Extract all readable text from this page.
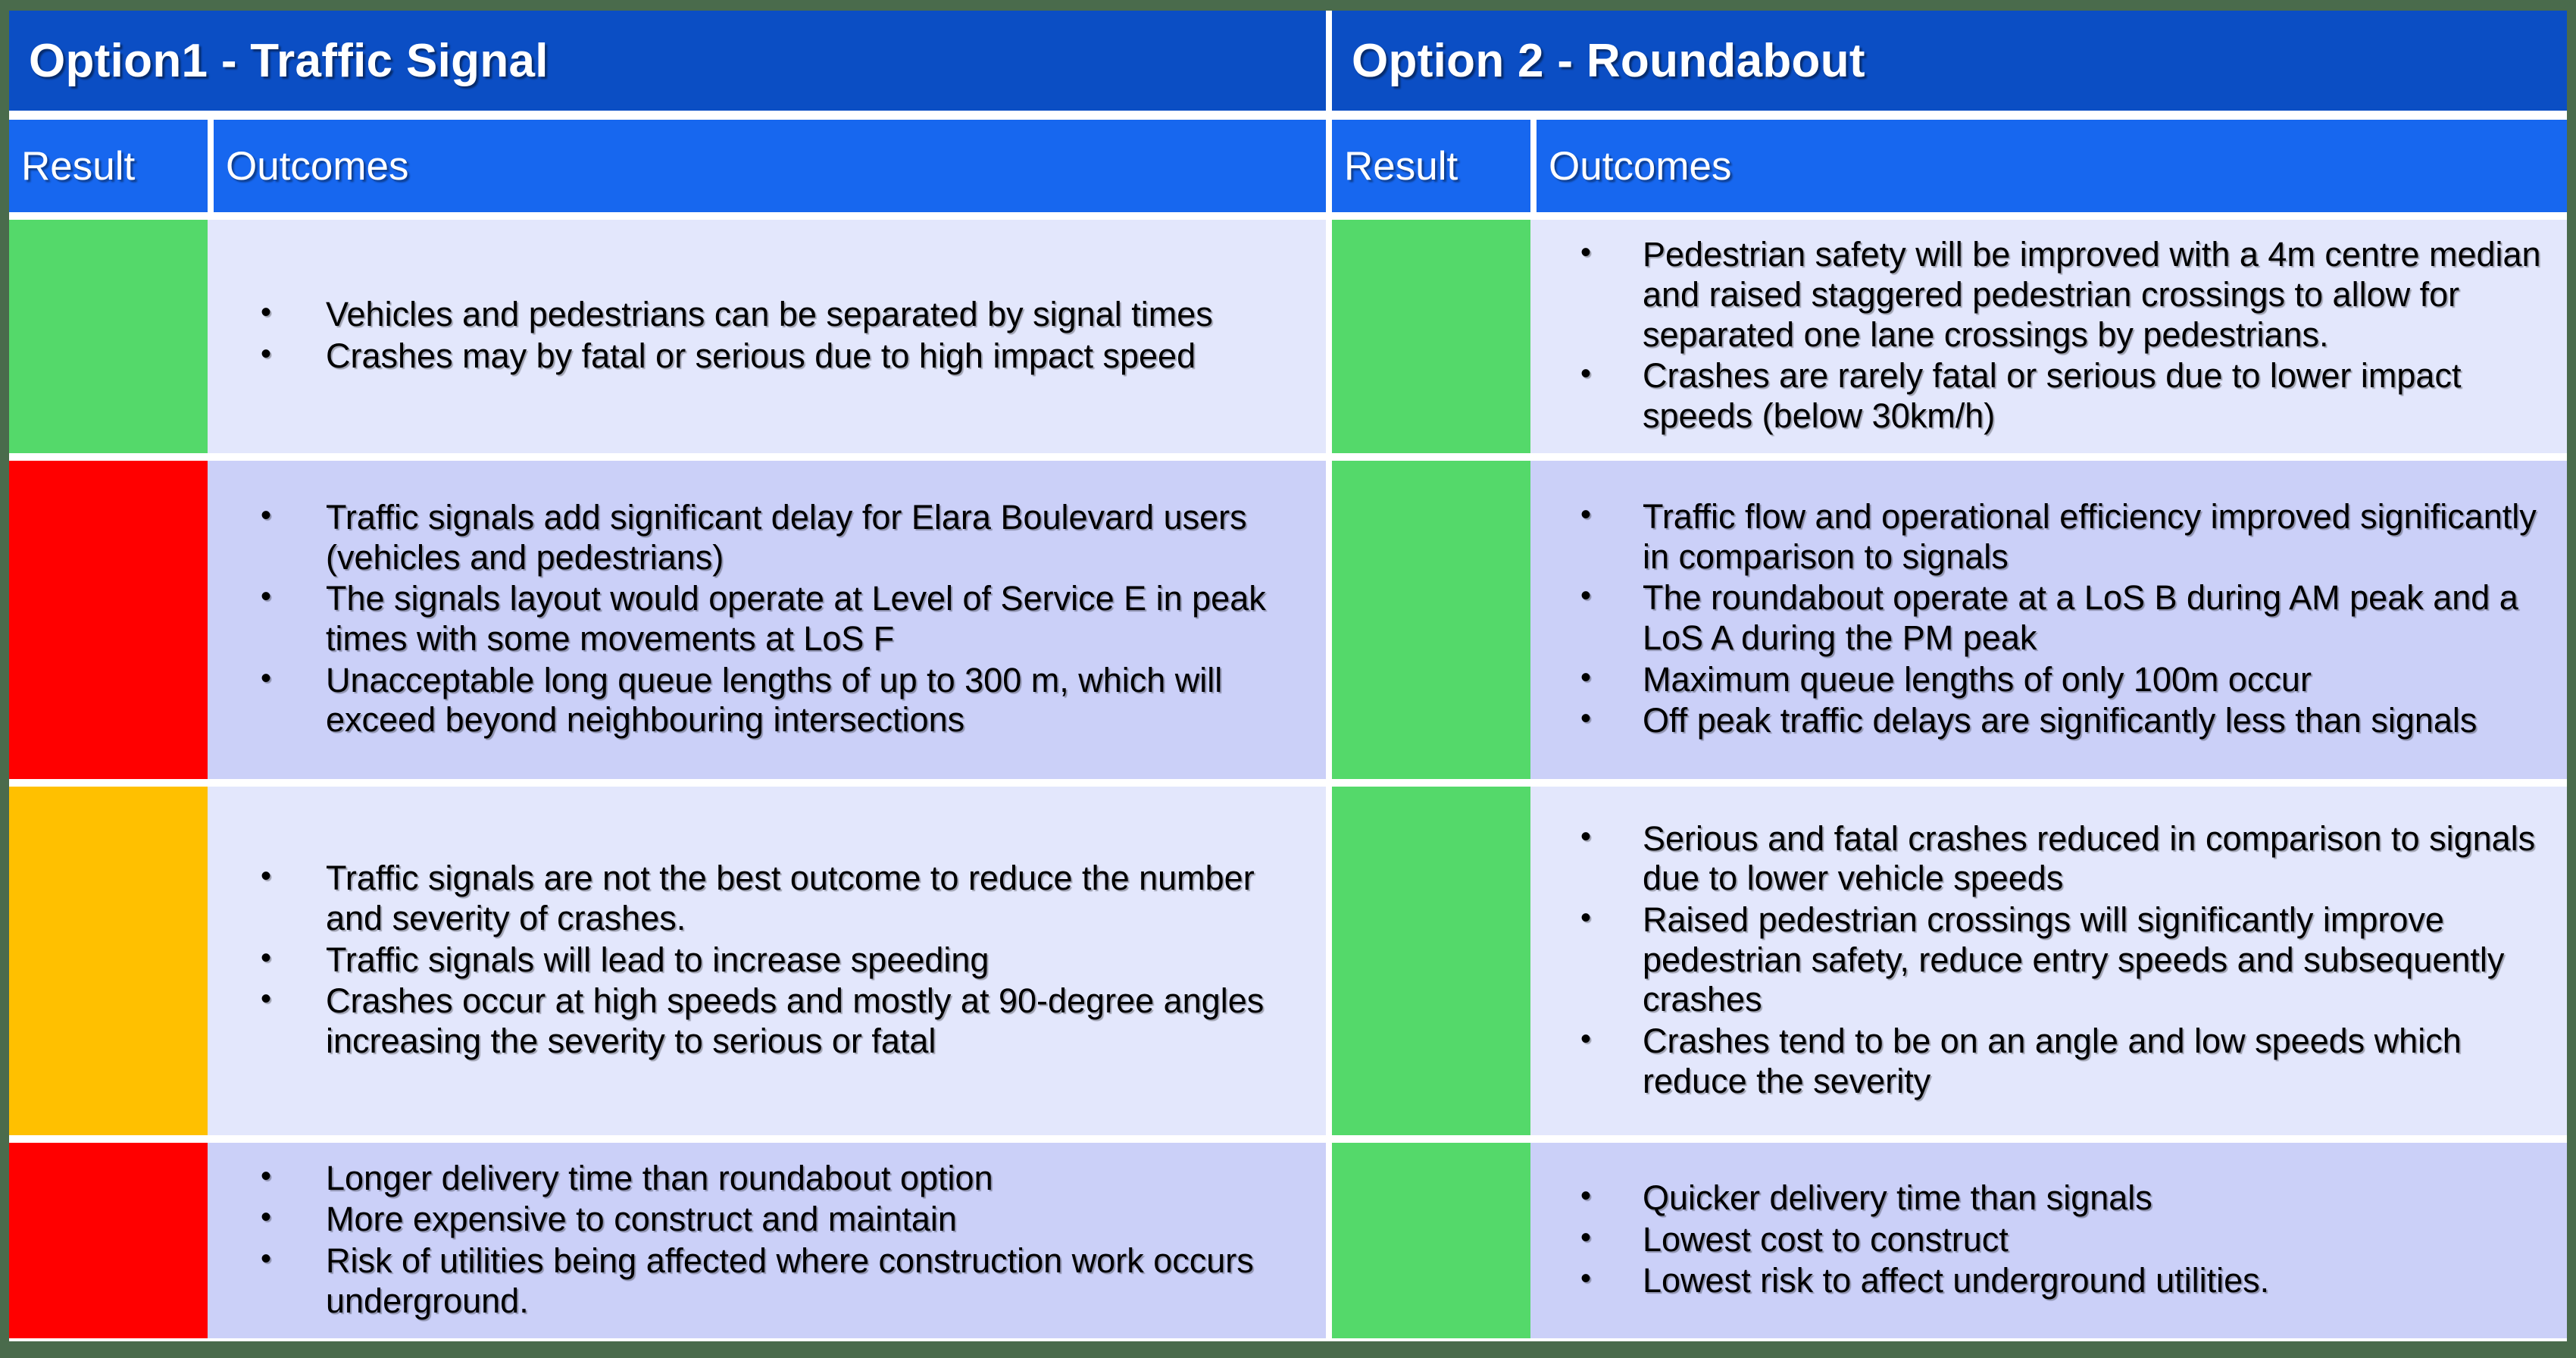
Option1 - Traffic Signal
Result	Outcomes
• Vehicles and pedestrians can be separated by signal times
• Crashes may by fatal or serious due to high impact speed
• Traffic signals add significant delay for Elara Boulevard users (vehicles and pedestrians)
• The signals layout would operate at Level of Service E in peak times with some movements at LoS F
• Unacceptable long queue lengths of up to 300 m, which will exceed beyond neighbouring intersections
• Traffic signals are not the best outcome to reduce the number and severity of crashes.
• Traffic signals will lead to increase speeding
• Crashes occur at high speeds and mostly at 90-degree angles increasing the severity to serious or fatal
• Longer delivery time than roundabout option
• More expensive to construct and maintain
• Risk of utilities being affected where construction work occurs underground.
Option 2 - Roundabout
Result	Outcomes
• Pedestrian safety will be improved with a 4m centre median and raised staggered pedestrian crossings to allow for separated one lane crossings by pedestrians.
• Crashes are rarely fatal or serious due to lower impact speeds (below 30km/h)
• Traffic flow and operational efficiency improved significantly in comparison to signals
• The roundabout operate at a LoS B during AM peak and a LoS A during the PM peak
• Maximum queue lengths of only 100m occur
• Off peak traffic delays are significantly less than signals
• Serious and fatal crashes reduced in comparison to signals due to lower vehicle speeds
• Raised pedestrian crossings will significantly improve pedestrian safety, reduce entry speeds and subsequently crashes
• Crashes tend to be on an angle and low speeds which reduce the severity
• Quicker delivery time than signals
• Lowest cost to construct
• Lowest risk to affect underground utilities.
